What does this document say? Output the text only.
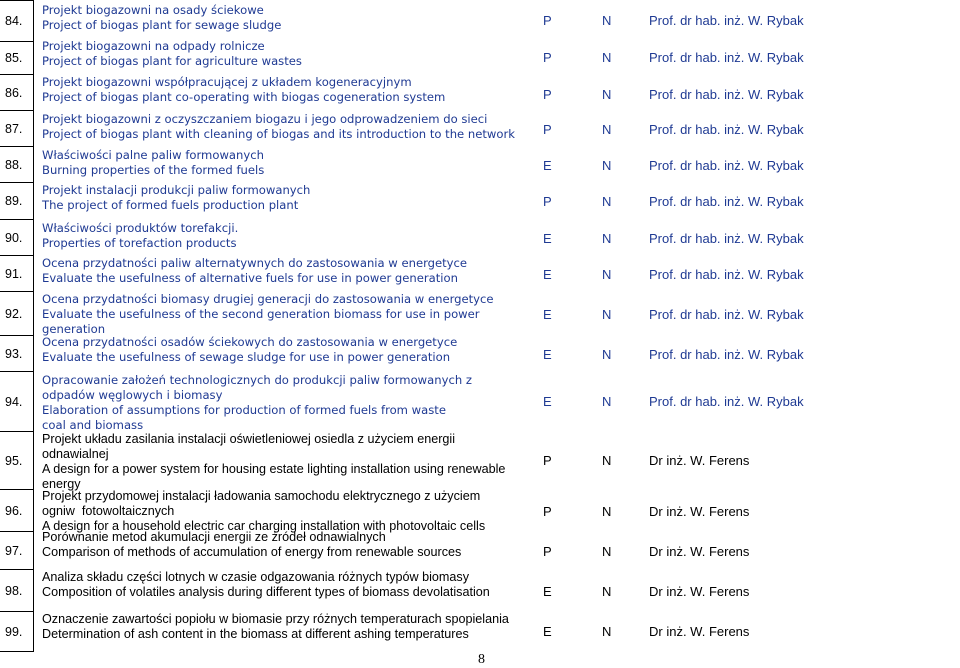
84.
Projekt biogazowni na osady ściekowe
Project of biogas plant for sewage sludge	P	N	Prof. dr hab. inż. W. Rybak
85.
Projekt biogazowni na odpady rolnicze
Project of biogas plant for agriculture wastes	P	N	Prof. dr hab. inż. W. Rybak
86.
Projekt biogazowni współpracującej z układem kogeneracyjnym
Project of biogas plant co-operating with biogas cogeneration system	P	N	Prof. dr hab. inż. W. Rybak
87.
Projekt biogazowni z oczyszczaniem biogazu i jego odprowadzeniem do sieci
Project of biogas plant with cleaning of biogas and its introduction to the network	P	N	Prof. dr hab. inż. W. Rybak
88.
Właściwości palne paliw formowanych
Burning properties of the formed fuels	E	N	Prof. dr hab. inż. W. Rybak
89.
Projekt instalacji produkcji paliw formowanych
The project of formed fuels production plant	P	N	Prof. dr hab. inż. W. Rybak
90.
Właściwości produktów torefakcji.
Properties of torefaction products	E	N	Prof. dr hab. inż. W. Rybak
91.
Ocena przydatności paliw alternatywnych do zastosowania w energetyce
Evaluate the usefulness of alternative fuels for use in power generation	E	N	Prof. dr hab. inż. W. Rybak
92.
Ocena przydatności biomasy drugiej generacji do zastosowania w energetyce
Evaluate the usefulness of the second generation biomass for use in power generation
E	N	Prof. dr hab. inż. W. Rybak
93.
Ocena przydatności osadów ściekowych do zastosowania w energetyce
Evaluate the usefulness of sewage sludge for use in power generation	E	N	Prof. dr hab. inż. W. Rybak
94.
Opracowanie założeń technologicznych do produkcji paliw formowanych z odpadów węglowych i biomasy
Elaboration of assumptions for production of formed fuels from waste coal and biomass
E	N	Prof. dr hab. inż. W. Rybak
95.
Projekt układu zasilania instalacji oświetleniowej osiedla z użyciem energii odnawialnej
A design for a power system for housing estate lighting installation using renewable energy
P	N	Dr inż. W. Ferens
96.
Projekt przydomowej instalacji ładowania samochodu elektrycznego z użyciem ogniw  fotowoltaicznych
A design for a household electric car charging installation with photovoltaic cells
P	N	Dr inż. W. Ferens
97.
Porównanie metod akumulacji energii ze źródeł odnawialnych
Comparison of methods of accumulation of energy from renewable sources	P	N	Dr inż. W. Ferens
98.
Analiza składu części lotnych w czasie odgazowania różnych typów biomasy
Composition of volatiles analysis during different types of biomass devolatisation	E	N	Dr inż. W. Ferens
99.
Oznaczenie zawartości popiołu w biomasie przy różnych temperaturach spopielania
Determination of ash content in the biomass at different ashing temperatures	E	N	Dr inż. W. Ferens
8
